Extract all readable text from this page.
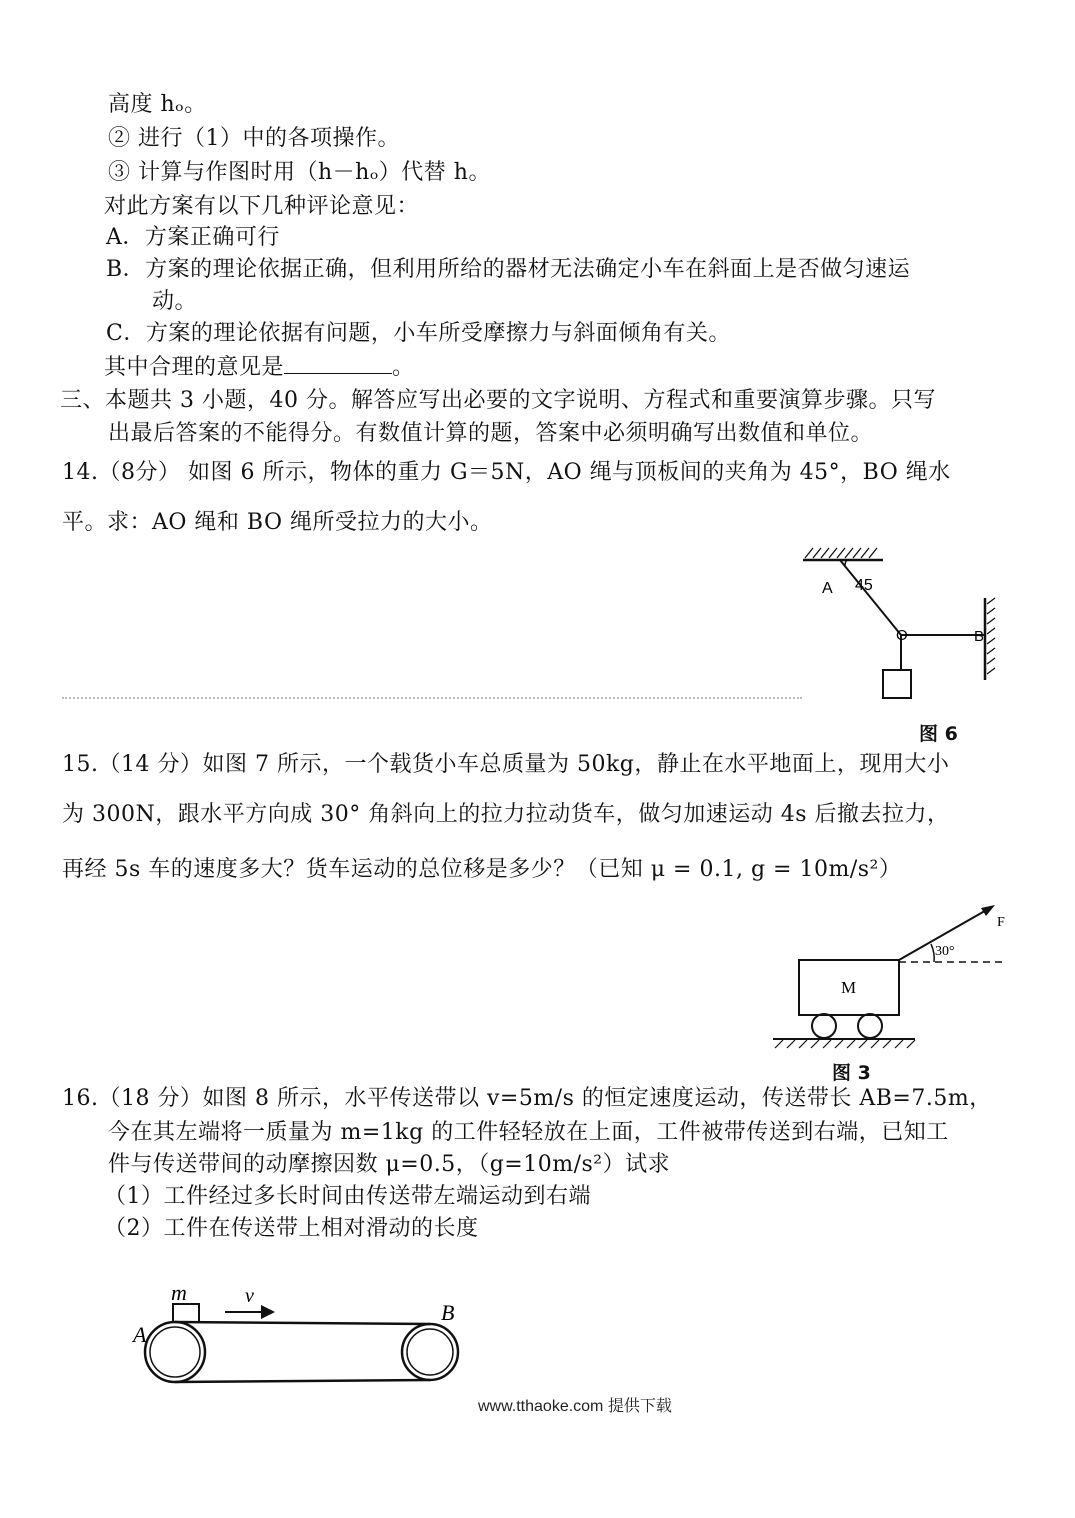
高度 hₒ。
② 进行（1）中的各项操作。
③ 计算与作图时用（h－hₒ）代替 h。
对此方案有以下几种评论意见：
A．方案正确可行
B．方案的理论依据正确，但利用所给的器材无法确定小车在斜面上是否做匀速运
动。
C．方案的理论依据有问题，小车所受摩擦力与斜面倾角有关。
其中合理的意见是	。
三、本题共 3 小题，40 分。解答应写出必要的文字说明、方程式和重要演算步骤。只写
出最后答案的不能得分。有数值计算的题，答案中必须明确写出数值和单位。
14.（8分） 如图 6 所示，物体的重力 G＝5N，AO 绳与顶板间的夹角为 45°，BO 绳水
平。求：AO 绳和 BO 绳所受拉力的大小。
A 45
O	B
图 6
15.（14 分）如图 7 所示，一个载货小车总质量为 50kg，静止在水平地面上，现用大小
为 300N，跟水平方向成 30° 角斜向上的拉力拉动货车，做匀加速运动 4s 后撤去拉力，
再经 5s 车的速度多大？货车运动的总位移是多少？（已知 μ = 0.1, g = 10m/s²）
M
F
30°
图 3
16.（18 分）如图 8 所示，水平传送带以 v=5m/s 的恒定速度运动，传送带长 AB=7.5m，
今在其左端将一质量为 m=1kg 的工件轻轻放在上面，工件被带传送到右端，已知工
件与传送带间的动摩擦因数 μ=0.5，（g=10m/s²）试求
（1）工件经过多长时间由传送带左端运动到右端
（2）工件在传送带上相对滑动的长度
A
B
m	v
www.tthaoke.com 提供下载
